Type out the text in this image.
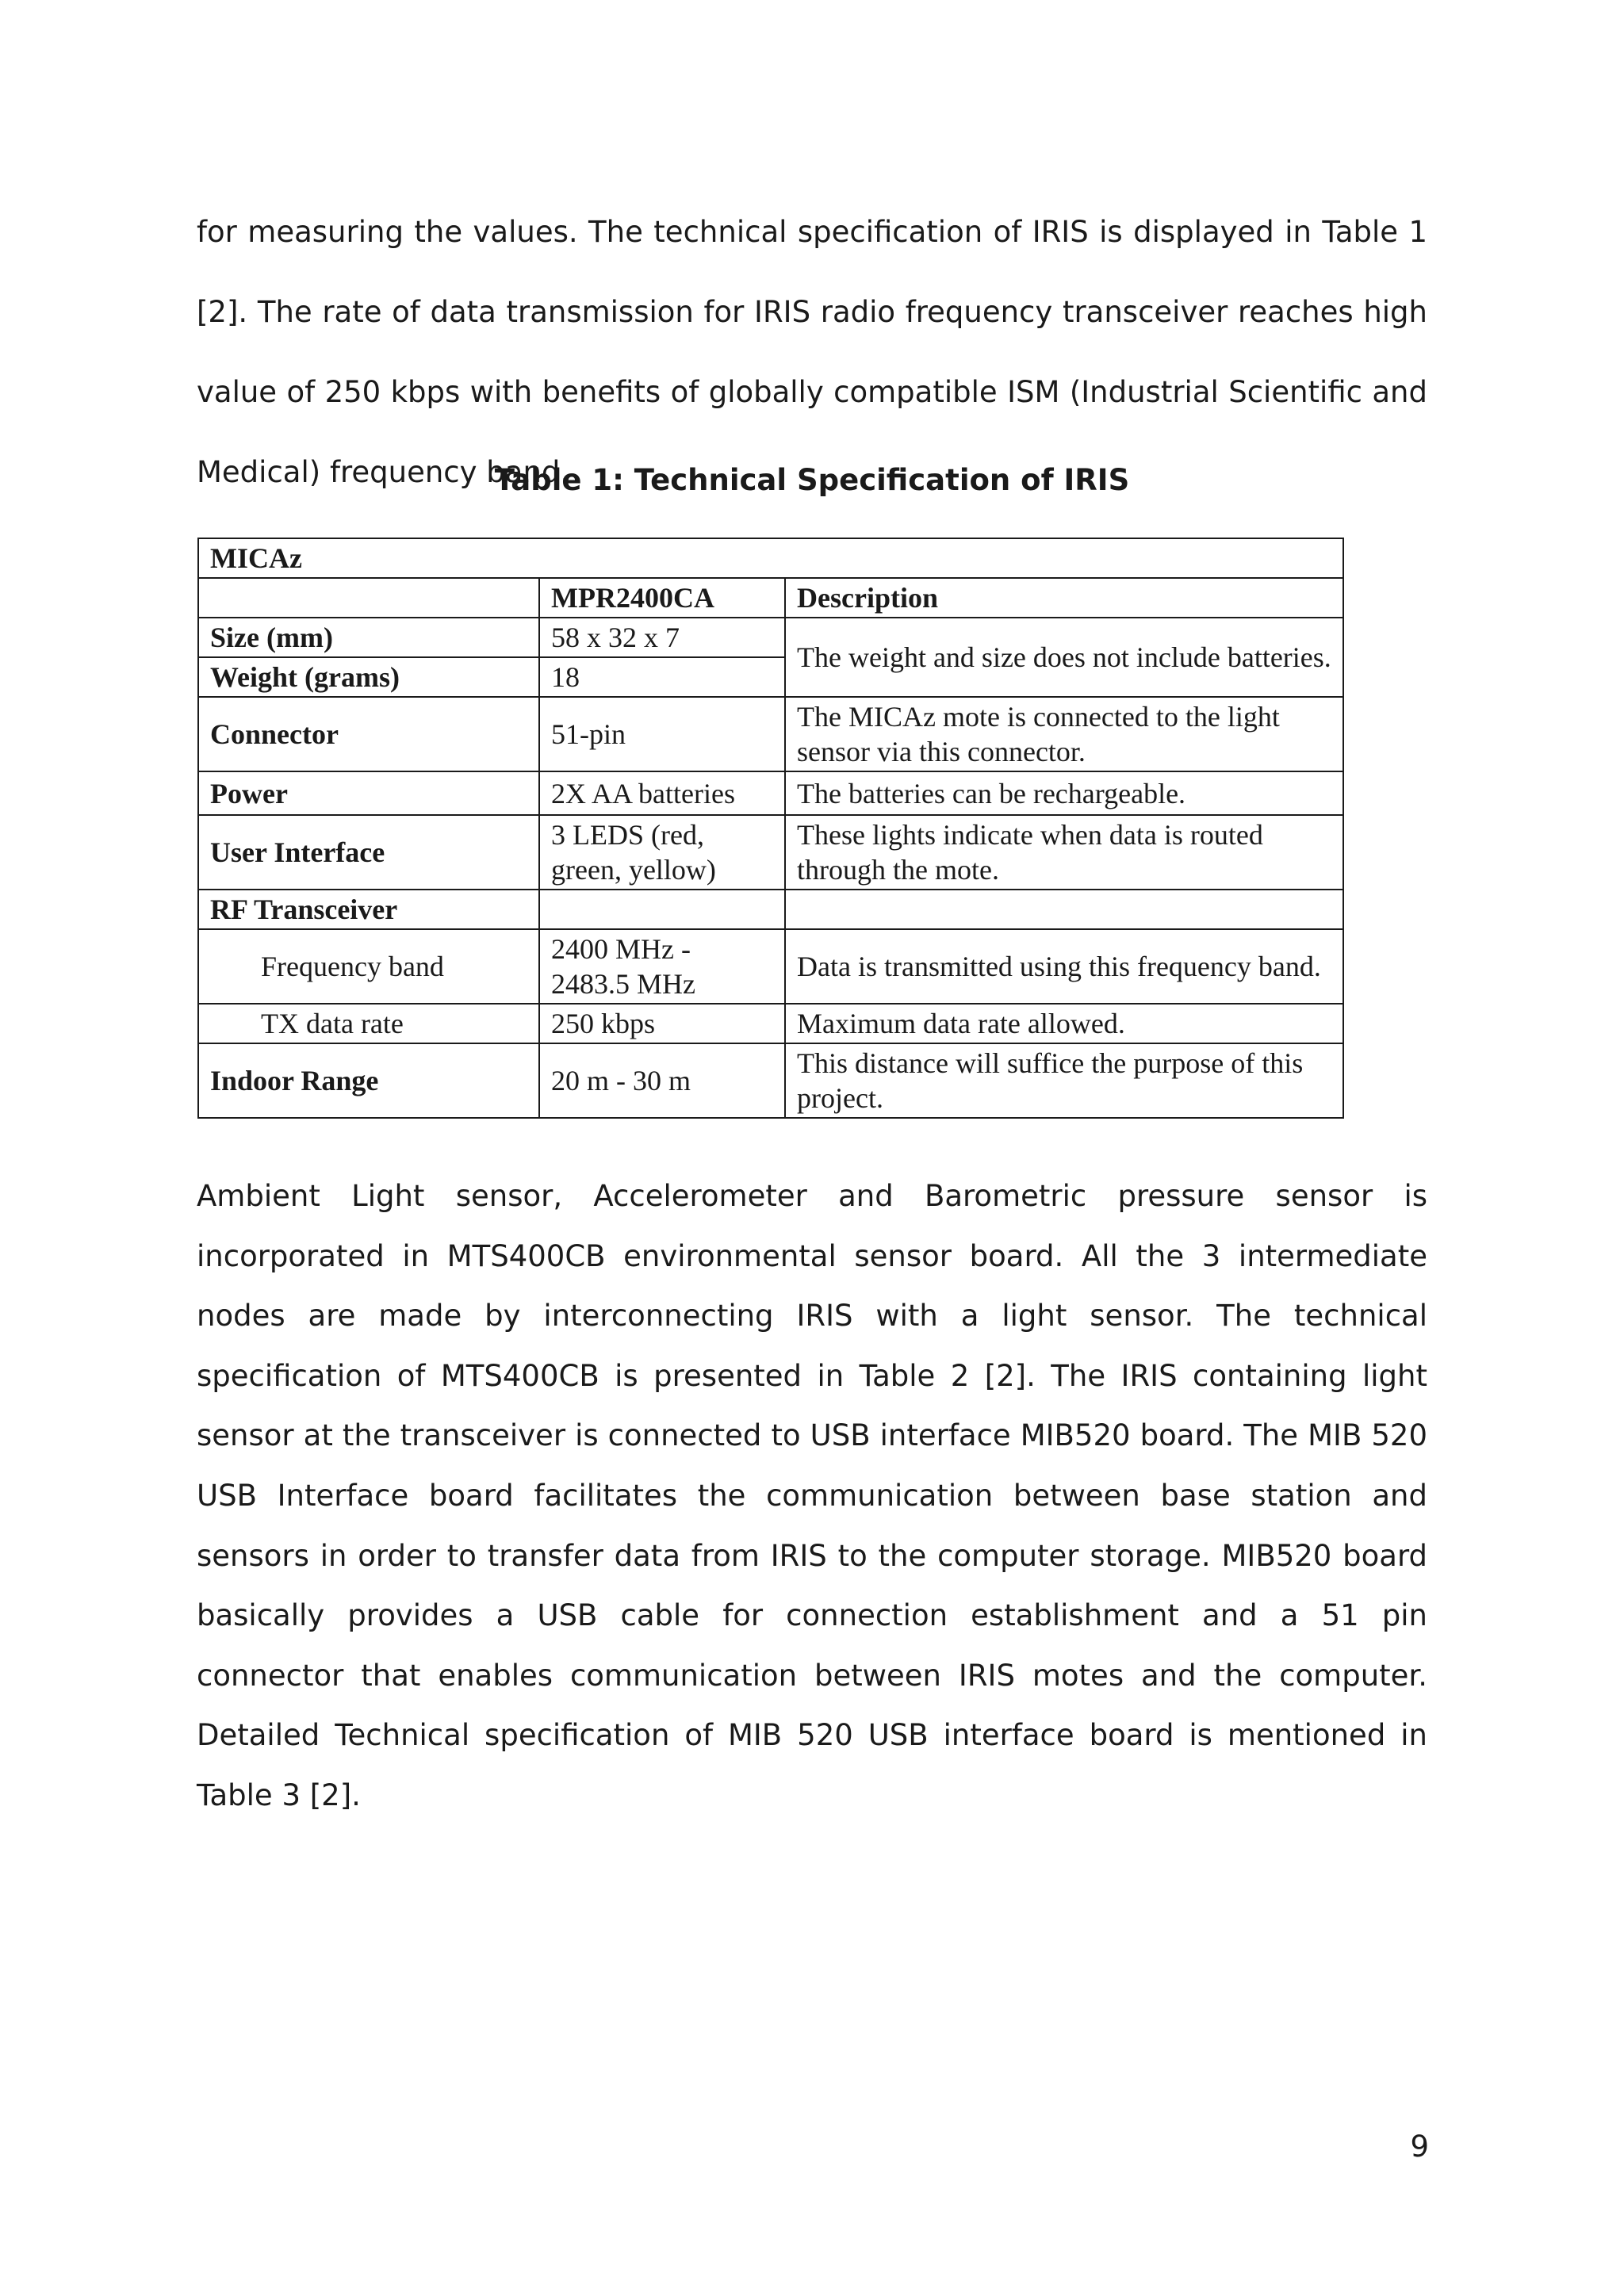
for measuring the values. The technical specification of IRIS is displayed in Table 1 [2]. The rate of data transmission for IRIS radio frequency transceiver reaches high value of 250 kbps with benefits of globally compatible ISM (Industrial Scientific and Medical) frequency band.

Table 1: Technical Specification of IRIS

MICAz		
	MPR2400CA	Description
Size (mm)	58 x 32 x 7	The weight and size does not include batteries.
Weight (grams)	18	
Connector	51-pin	The MICAz mote is connected to the light sensor via this connector.
Power	2X AA batteries	The batteries can be rechargeable.
User Interface	3 LEDS (red, green, yellow)	These lights indicate when data is routed through the mote.
RF Transceiver		
Frequency band	2400 MHz - 2483.5 MHz	Data is transmitted using this frequency band.
TX data rate	250 kbps	Maximum data rate allowed.
Indoor Range	20 m - 30 m	This distance will suffice the purpose of this project.

Ambient Light sensor, Accelerometer and Barometric pressure sensor is incorporated in MTS400CB environmental sensor board. All the 3 intermediate nodes are made by interconnecting IRIS with a light sensor. The technical specification of MTS400CB is presented in Table 2 [2]. The IRIS containing light sensor at the transceiver is connected to USB interface MIB520 board. The MIB 520 USB Interface board facilitates the communication between base station and sensors in order to transfer data from IRIS to the computer storage. MIB520 board basically provides a USB cable for connection establishment and a 51 pin connector that enables communication between IRIS motes and the computer. Detailed Technical specification of MIB 520 USB interface board is mentioned in Table 3 [2].

9
